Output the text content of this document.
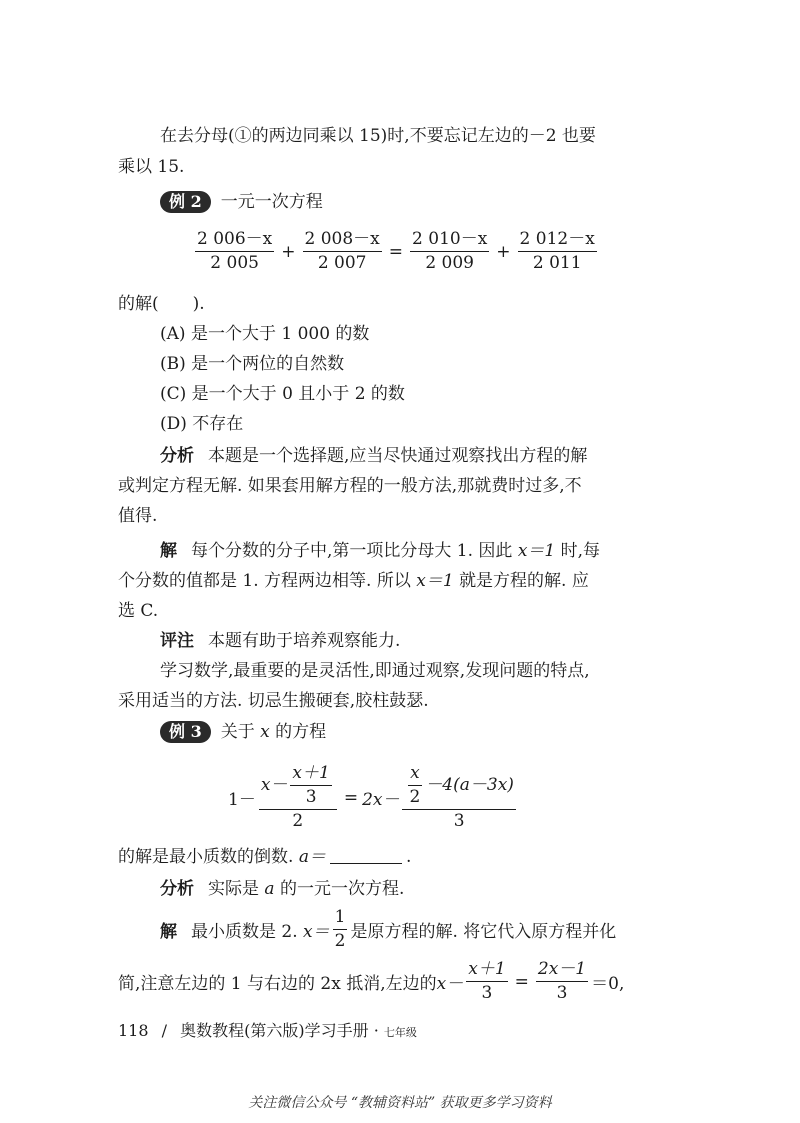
在去分母(①的两边同乘以 15)时,不要忘记左边的－2 也要
乘以 15.
例 2 一元一次方程
$\frac{2 006-x}{2 005} + \frac{2 008-x}{2 007} = \frac{2 010-x}{2 009} + \frac{2 012-x}{2 011}$
的解(　　).
(A) 是一个大于 1 000 的数
(B) 是一个两位的自然数
(C) 是一个大于 0 且小于 2 的数
(D) 不存在
分析 本题是一个选择题,应当尽快通过观察找出方程的解
或判定方程无解. 如果套用解方程的一般方法,那就费时过多,不
值得.
解 每个分数的分子中,第一项比分母大 1. 因此 x＝1 时,每
个分数的值都是 1. 方程两边相等. 所以 x＝1 就是方程的解. 应
选 C.
评注 本题有助于培养观察能力.
学习数学,最重要的是灵活性,即通过观察,发现问题的特点,
采用适当的方法. 切忌生搬硬套,胶柱鼓瑟.
例 3 关于 x 的方程
$1- \frac{x- \frac{x+1}{3}}{2} = 2x- \frac{\frac{x}{2} -4(a-3x)}{3}$
的解是最小质数的倒数. a＝	.
分析 实际是 a 的一元一次方程.
解 最小质数是 2.
$x= \frac{1}{2}$ 是原方程的解. 将它代入原方程并化
简,注意左边的 1 与右边的 2x 抵消,左边的 $x- \frac{x+1}{3} = \frac{2x-1}{3} =0$,
118 / 奥数教程(第六版)学习手册 · 七年级
关注微信公众号 “教辅资料站” 获取更多学习资料
